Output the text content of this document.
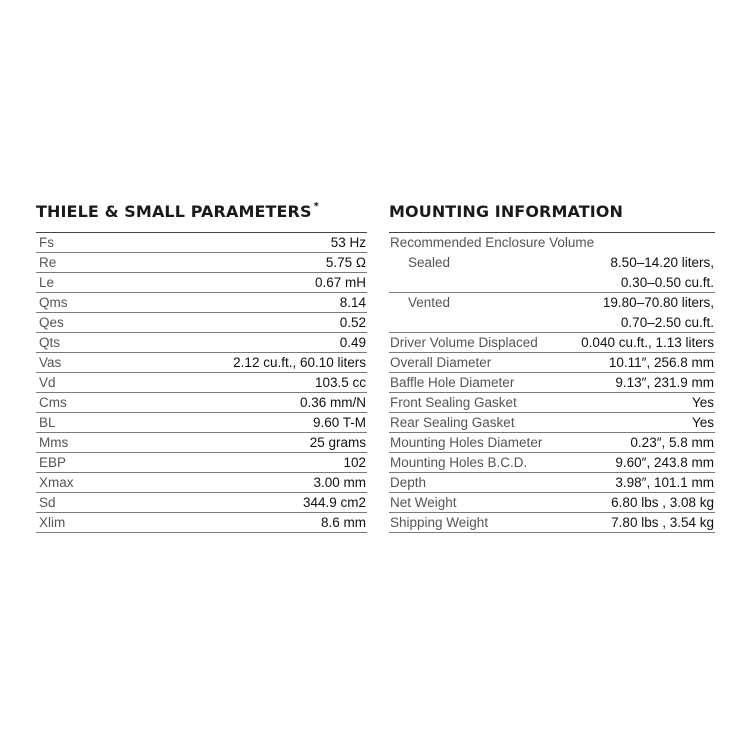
THIELE & SMALL PARAMETERS *
Fs	53 Hz
Re	5.75 Ω
Le	0.67 mH
Qms	8.14
Qes	0.52
Qts	0.49
Vas	2.12 cu.ft., 60.10 liters
Vd	103.5 cc
Cms	0.36 mm/N
BL	9.60 T-M
Mms	25 grams
EBP	102
Xmax	3.00 mm
Sd	344.9 cm2
Xlim	8.6 mm
MOUNTING INFORMATION
Recommended Enclosure Volume
Sealed	8.50–14.20 liters,
0.30–0.50 cu.ft.
Vented	19.80–70.80 liters,
0.70–2.50 cu.ft.
Driver Volume Displaced	0.040 cu.ft., 1.13 liters
Overall Diameter	10.11″, 256.8 mm
Baffle Hole Diameter	9.13″, 231.9 mm
Front Sealing Gasket	Yes
Rear Sealing Gasket	Yes
Mounting Holes Diameter	0.23″, 5.8 mm
Mounting Holes B.C.D.	9.60″, 243.8 mm
Depth	3.98″, 101.1 mm
Net Weight	6.80 lbs , 3.08 kg
Shipping Weight	7.80 lbs , 3.54 kg
